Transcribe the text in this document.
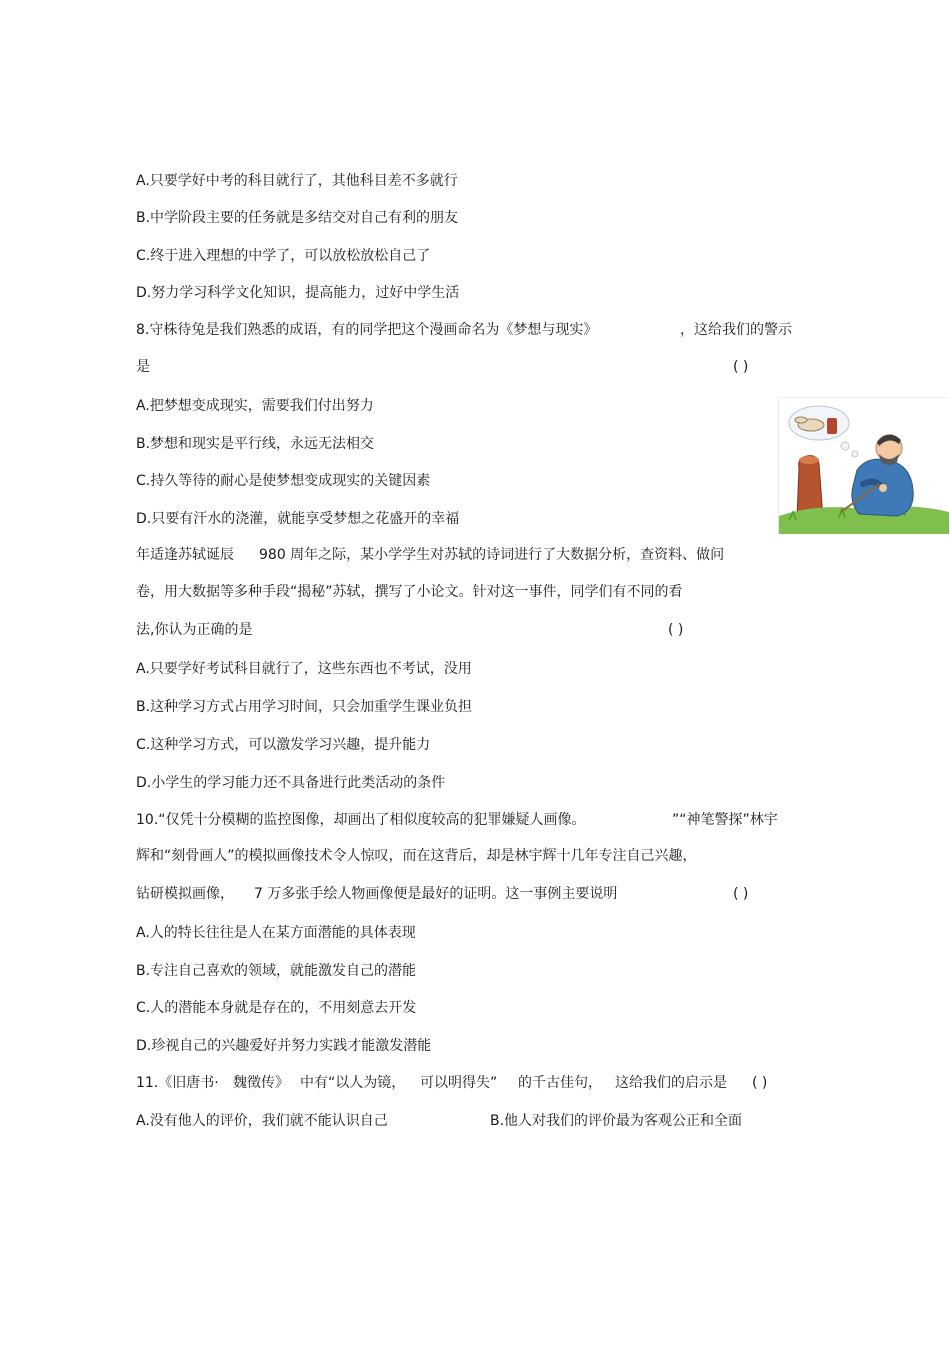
A.只要学好中考的科目就行了，其他科目差不多就行
B.中学阶段主要的任务就是多结交对自己有利的朋友
C.终于进入理想的中学了，可以放松放松自己了
D.努力学习科学文化知识，提高能力，过好中学生活
8.守株待兔是我们熟悉的成语，有的同学把这个漫画命名为《梦想与现实》	，这给我们的警示
是	( )
A.把梦想变成现实，需要我们付出努力
B.梦想和现实是平行线，永远无法相交
C.持久等待的耐心是使梦想变成现实的关键因素
D.只要有汗水的浇灌，就能享受梦想之花盛开的幸福
年适逢苏轼诞辰 980 周年之际，某小学学生对苏轼的诗词进行了大数据分析，查资料、做问
卷，用大数据等多种手段“揭秘”苏轼，撰写了小论文。针对这一事件，同学们有不同的看
法,你认为正确的是	( )
A.只要学好考试科目就行了，这些东西也不考试，没用
B.这种学习方式占用学习时间，只会加重学生课业负担
C.这种学习方式，可以激发学习兴趣，提升能力
D.小学生的学习能力还不具备进行此类活动的条件
10.“仅凭十分模糊的监控图像，却画出了相似度较高的犯罪嫌疑人画像。	”“神笔警探”林宇
辉和“刻骨画人”的模拟画像技术令人惊叹，而在这背后，却是林宇辉十几年专注自己兴趣，
钻研模拟画像， 7 万多张手绘人物画像便是最好的证明。这一事例主要说明	( )
A.人的特长往往是人在某方面潜能的具体表现
B.专注自己喜欢的领域，就能激发自己的潜能
C.人的潜能本身就是存在的，不用刻意去开发
D.珍视自己的兴趣爱好并努力实践才能激发潜能
11.《旧唐书· 魏徵传》 中有“以人为镜， 可以明得失” 的千古佳句， 这给我们的启示是 ( )
A.没有他人的评价，我们就不能认识自己	B.他人对我们的评价最为客观公正和全面
